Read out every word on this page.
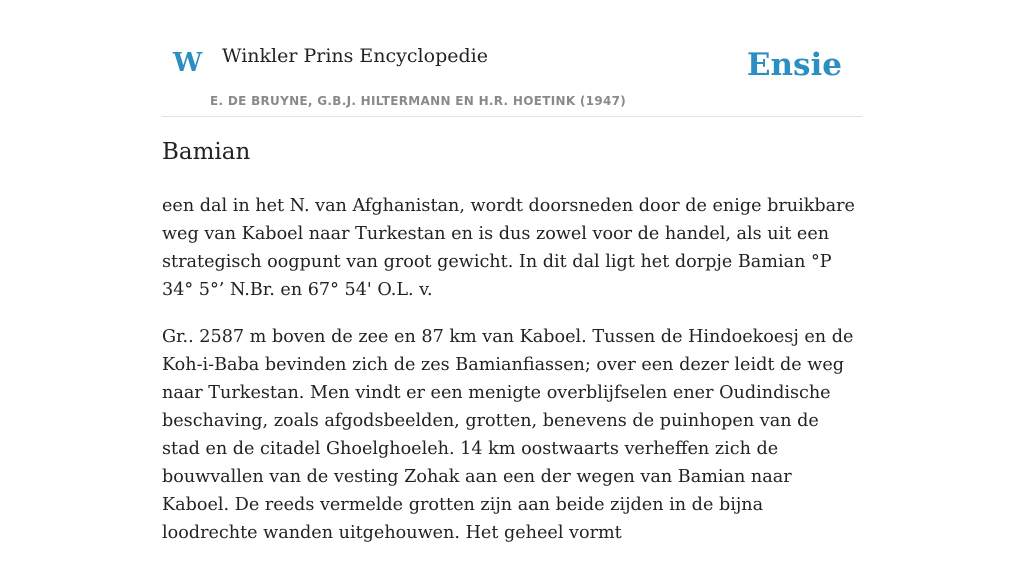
W Winkler Prins Encyclopedie
E. DE BRUYNE, G.B.J. HILTERMANN EN H.R. HOETINK (1947)
Ensie
Bamian

een dal in het N. van Afghanistan, wordt doorsneden door de enige bruikbare weg van Kaboel naar Turkestan en is dus zowel voor de handel, als uit een strategisch oogpunt van groot gewicht. In dit dal ligt het dorpje Bamian °P 34° 5°’ N.Br. en 67° 54' O.L. v.

Gr.. 2587 m boven de zee en 87 km van Kaboel. Tussen de Hindoekoesj en de Koh-i-Baba bevinden zich de zes Bamianfiassen; over een dezer leidt de weg naar Turkestan. Men vindt er een menigte overblijfselen ener Oudindische beschaving, zoals afgodsbeelden, grotten, benevens de puinhopen van de stad en de citadel Ghoelghoeleh. 14 km oostwaarts verheffen zich de bouwvallen van de vesting Zohak aan een der wegen van Bamian naar Kaboel. De reeds vermelde grotten zijn aan beide zijden in de bijna loodrechte wanden uitgehouwen. Het geheel vormt
